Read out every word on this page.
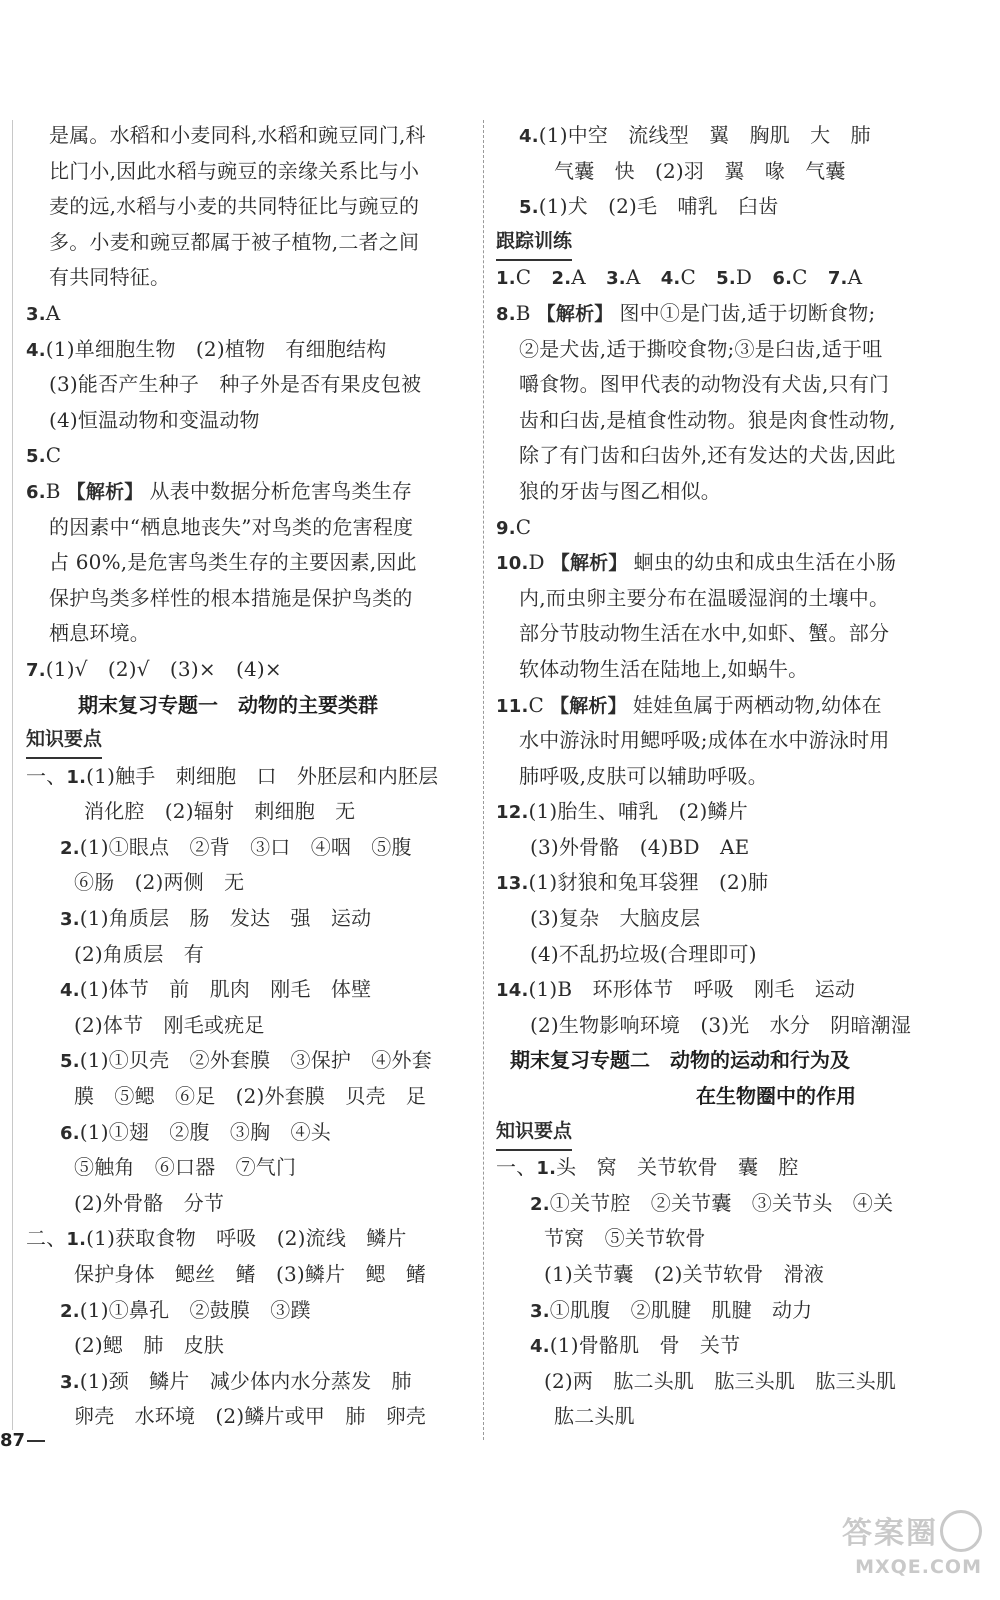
是属。水稻和小麦同科,水稻和豌豆同门,科
比门小,因此水稻与豌豆的亲缘关系比与小
麦的远,水稻与小麦的共同特征比与豌豆的
多。小麦和豌豆都属于被子植物,二者之间
有共同特征。
3.A
4.(1)单细胞生物　(2)植物　有细胞结构
(3)能否产生种子　种子外是否有果皮包被
(4)恒温动物和变温动物
5.C
6.B 【解析】 从表中数据分析危害鸟类生存
的因素中“栖息地丧失”对鸟类的危害程度
占 60%,是危害鸟类生存的主要因素,因此
保护鸟类多样性的根本措施是保护鸟类的
栖息环境。
7.(1)√　(2)√　(3)×　(4)×
期末复习专题一　动物的主要类群
知识要点
一、1.(1)触手　刺细胞　口　外胚层和内胚层
消化腔　(2)辐射　刺细胞　无
2.(1)①眼点　②背　③口　④咽　⑤腹
⑥肠　(2)两侧　无
3.(1)角质层　肠　发达　强　运动
(2)角质层　有
4.(1)体节　前　肌肉　刚毛　体壁
(2)体节　刚毛或疣足
5.(1)①贝壳　②外套膜　③保护　④外套
膜　⑤鳃　⑥足　(2)外套膜　贝壳　足
6.(1)①翅　②腹　③胸　④头
⑤触角　⑥口器　⑦气门
(2)外骨骼　分节
二、1.(1)获取食物　呼吸　(2)流线　鳞片
保护身体　鳃丝　鳍　(3)鳞片　鳃　鳍
2.(1)①鼻孔　②鼓膜　③蹼
(2)鳃　肺　皮肤
3.(1)颈　鳞片　减少体内水分蒸发　肺
卵壳　水环境　(2)鳞片或甲　肺　卵壳
4.(1)中空　流线型　翼　胸肌　大　肺
气囊　快　(2)羽　翼　喙　气囊
5.(1)犬　(2)毛　哺乳　臼齿
跟踪训练
1.C　2.A　3.A　4.C　5.D　6.C　7.A
8.B 【解析】 图中①是门齿,适于切断食物;
②是犬齿,适于撕咬食物;③是臼齿,适于咀
嚼食物。图甲代表的动物没有犬齿,只有门
齿和臼齿,是植食性动物。狼是肉食性动物,
除了有门齿和臼齿外,还有发达的犬齿,因此
狼的牙齿与图乙相似。
9.C
10.D 【解析】 蛔虫的幼虫和成虫生活在小肠
内,而虫卵主要分布在温暖湿润的土壤中。
部分节肢动物生活在水中,如虾、蟹。部分
软体动物生活在陆地上,如蜗牛。
11.C 【解析】 娃娃鱼属于两栖动物,幼体在
水中游泳时用鳃呼吸;成体在水中游泳时用
肺呼吸,皮肤可以辅助呼吸。
12.(1)胎生、哺乳　(2)鳞片
(3)外骨骼　(4)BD　AE
13.(1)豺狼和兔耳袋狸　(2)肺
(3)复杂　大脑皮层
(4)不乱扔垃圾(合理即可)
14.(1)B　环形体节　呼吸　刚毛　运动
(2)生物影响环境　(3)光　水分　阴暗潮湿
期末复习专题二　动物的运动和行为及
在生物圈中的作用
知识要点
一、1.头　窝　关节软骨　囊　腔
2.①关节腔　②关节囊　③关节头　④关
节窝　⑤关节软骨
(1)关节囊　(2)关节软骨　滑液
3.①肌腹　②肌腱　肌腱　动力
4.(1)骨骼肌　骨　关节
(2)两　肱二头肌　肱三头肌　肱三头肌
肱二头肌
87
答案圈
MXQE.COM
